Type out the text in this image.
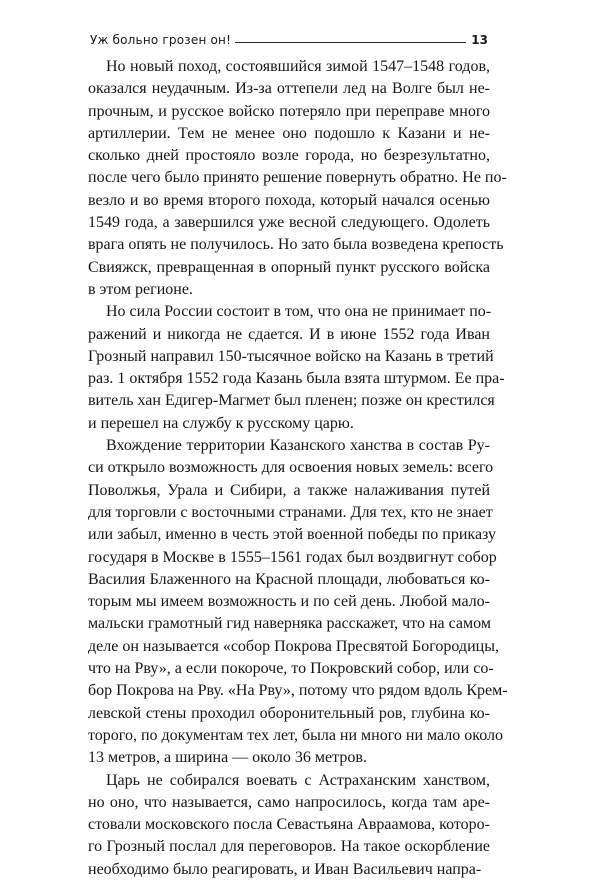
Уж больно грозен он!	13
Но новый поход, состоявшийся зимой 1547–1548 годов,
оказался неудачным. Из-за оттепели лед на Волге был не-
прочным, и русское войско потеряло при переправе много
артиллерии. Тем не менее оно подошло к Казани и не-
сколько дней простояло возле города, но безрезультатно,
после чего было принято решение повернуть обратно. Не по-
везло и во время второго похода, который начался осенью
1549 года, а завершился уже весной следующего. Одолеть
врага опять не получилось. Но зато была возведена крепость
Свияжск, превращенная в опорный пункт русского войска
в этом регионе.
Но сила России состоит в том, что она не принимает по-
ражений и никогда не сдается. И в июне 1552 года Иван
Грозный направил 150-тысячное войско на Казань в третий
раз. 1 октября 1552 года Казань была взята штурмом. Ее пра-
витель хан Едигер-Магмет был пленен; позже он крестился
и перешел на службу к русскому царю.
Вхождение территории Казанского ханства в состав Ру-
си открыло возможность для освоения новых земель: всего
Поволжья, Урала и Сибири, а также налаживания путей
для торговли с восточными странами. Для тех, кто не знает
или забыл, именно в честь этой военной победы по приказу
государя в Москве в 1555–1561 годах был воздвигнут собор
Василия Блаженного на Красной площади, любоваться ко-
торым мы имеем возможность и по сей день. Любой мало-
мальски грамотный гид наверняка расскажет, что на самом
деле он называется «собор Покрова Пресвятой Богородицы,
что на Рву», а если покороче, то Покровский собор, или со-
бор Покрова на Рву. «На Рву», потому что рядом вдоль Крем-
левской стены проходил оборонительный ров, глубина ко-
торого, по документам тех лет, была ни много ни мало около
13 метров, а ширина — около 36 метров.
Царь не собирался воевать с Астраханским ханством,
но оно, что называется, само напросилось, когда там аре-
стовали московского посла Севастьяна Авраамова, которо-
го Грозный послал для переговоров. На такое оскорбление
необходимо было реагировать, и Иван Васильевич напра-
